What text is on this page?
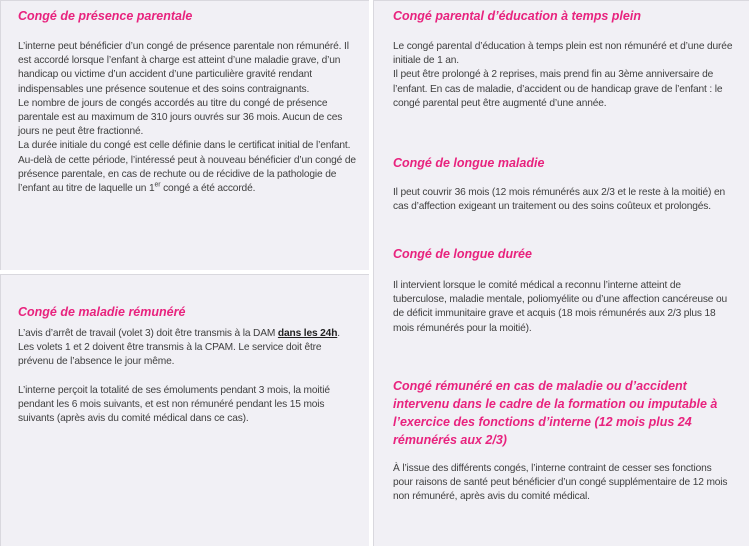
Congé de présence parentale

L’interne peut bénéficier d’un congé de présence parentale non rémunéré. Il est accordé lorsque l’enfant à charge est atteint d’une maladie grave, d’un handicap ou victime d’un accident d’une particulière gravité rendant indispensables une présence soutenue et des soins contraignants.

Le nombre de jours de congés accordés au titre du congé de présence parentale est au maximum de 310 jours ouvrés sur 36 mois. Aucun de ces jours ne peut être fractionné.

La durée initiale du congé est celle définie dans le certificat initial de l’enfant.

Au-delà de cette période, l’intéressé peut à nouveau bénéficier d’un congé de présence parentale, en cas de rechute ou de récidive de la pathologie de l’enfant au titre de laquelle un 1er congé a été accordé.

Congé de maladie rémunéré

L’avis d’arrêt de travail (volet 3) doit être transmis à la DAM dans les 24h. Les volets 1 et 2 doivent être transmis à la CPAM. Le service doit être prévenu de l’absence le jour même.

L’interne perçoit la totalité de ses émoluments pendant 3 mois, la moitié pendant les 6 mois suivants, et est non rémunéré pendant les 15 mois suivants (après avis du comité médical dans ce cas).

Congé parental d’éducation à temps plein

Le congé parental d’éducation à temps plein est non rémunéré et d’une durée initiale de 1 an.

Il peut être prolongé à 2 reprises, mais prend fin au 3ème anniversaire de l’enfant. En cas de maladie, d’accident ou de handicap grave de l’enfant : le congé parental peut être augmenté d’une année.

Congé de longue maladie

Il peut couvrir 36 mois (12 mois rémunérés aux 2/3 et le reste à la moitié) en cas d’affection exigeant un traitement ou des soins coûteux et prolongés.

Congé de longue durée

Il intervient lorsque le comité médical a reconnu l’interne atteint de tuberculose, maladie mentale, poliomyélite ou d’une affection cancéreuse ou de déficit immunitaire grave et acquis (18 mois rémunérés aux 2/3 plus 18 mois rémunérés pour la moitié).

Congé rémunéré en cas de maladie ou d’accident intervenu dans le cadre de la formation ou imputable à l’exercice des fonctions d’interne (12 mois plus 24 rémunérés aux 2/3)

À l’issue des différents congés, l’interne contraint de cesser ses fonctions pour raisons de santé peut bénéficier d’un congé supplémentaire de 12 mois non rémunéré, après avis du comité médical.
